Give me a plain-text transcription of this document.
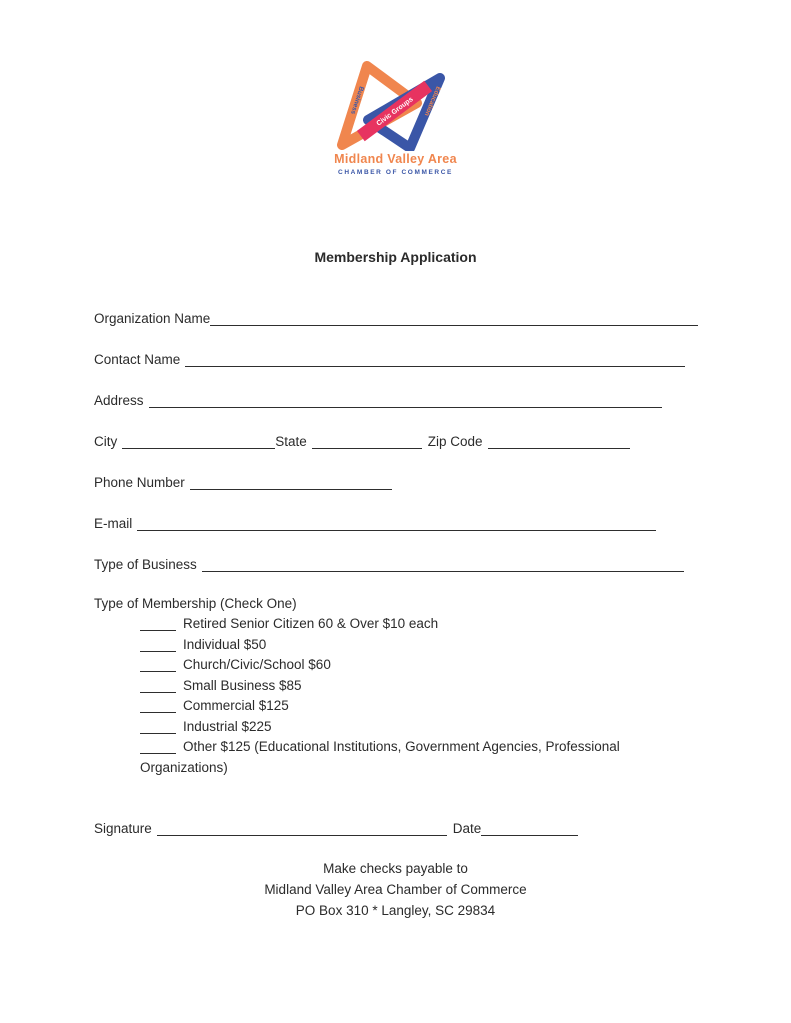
Civic Groups
Business	Education
Midland Valley Area
CHAMBER OF COMMERCE
Membership Application
Organization Name
Contact Name
Address
City	State	Zip Code
Phone Number
E-mail
Type of Business
Type of Membership (Check One)
Retired Senior Citizen 60 & Over $10 each
Individual $50
Church/Civic/School $60
Small Business $85
Commercial $125
Industrial $225
Other $125 (Educational Institutions, Government Agencies, Professional Organizations)
Signature	Date
Make checks payable to
Midland Valley Area Chamber of Commerce
PO Box 310 * Langley, SC 29834
